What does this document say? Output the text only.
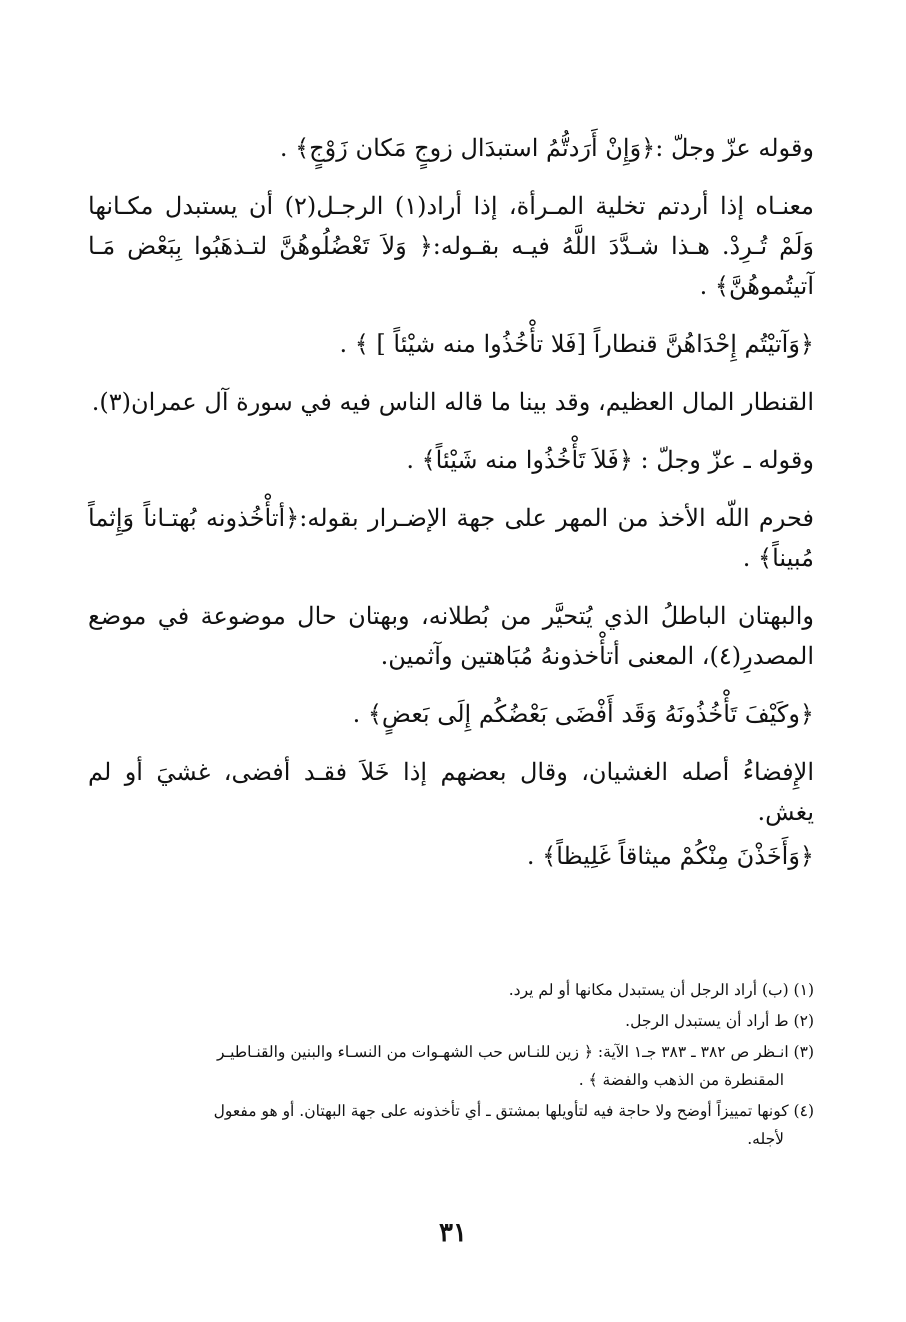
وقوله عزّ وجلّ :﴿وَإِنْ أَرَدتُّمُ استبدَال زوجٍ مَكان زَوْجٍ﴾ .

معنـاه إذا أردتم تخلية المـرأة، إذا أراد(١) الرجـل(٢) أن يستبدل مكـانها وَلَمْ تُـرِدْ. هـذا شـدَّدَ اللَّهُ فيـه بقـوله:﴿ وَلاَ تَعْضُلُوهُنَّ لتـذهَبُوا بِبَعْض مَـا آتيتُموهُنَّ﴾ .

﴿وَآتيْتُم إِحْدَاهُنَّ قنطاراً [فَلا تأْخُذُوا منه شيْئاً ] ﴾ .

القنطار المال العظيم، وقد بينا ما قاله الناس فيه في سورة آل عمران(٣).

وقوله ـ عزّ وجلّ : ﴿فَلاَ تَأْخُذُوا منه شَيْئاً﴾ .

فحرم اللّه الأخذ من المهر على جهة الإضـرار بقوله:﴿أتأْخُذونه بُهتـاناً وَإِثماً مُبيناً﴾ .

والبهتان الباطلُ الذي يُتحيَّر من بُطلانه، وبهتان حال موضوعة في موضع المصدرِ(٤)، المعنى أتأْخذونهُ مُبَاهتين وآثمين.

﴿وكَيْفَ تَأْخُذُونَهُ وَقَد أَفْضَى بَعْضُكُم إِلَى بَعضٍ﴾ .

الإِفضاءُ أصله الغشيان، وقال بعضهم إذا خَلاَ فقـد أفضى، غشيَ أو لم يغش.

﴿وَأَخَذْنَ مِنْكُمْ ميثاقاً غَلِيظاً﴾ .

(١) (ب) أراد الرجل أن يستبدل مكانها أو لم يرد.
(٢) ط أراد أن يستبدل الرجل.
(٣) انـظر ص ٣٨٢ ـ ٣٨٣ جـ١ الآية: ﴿ زين للنـاس حب الشهـوات من النسـاء والبنين والقنـاطيـر
المقنطرة من الذهب والفضة ﴾ .
(٤) كونها تمييزاً أوضح ولا حاجة فيه لتأويلها بمشتق ـ أي تأخذونه على جهة البهتان. أو هو مفعول
لأجله.
٣١
